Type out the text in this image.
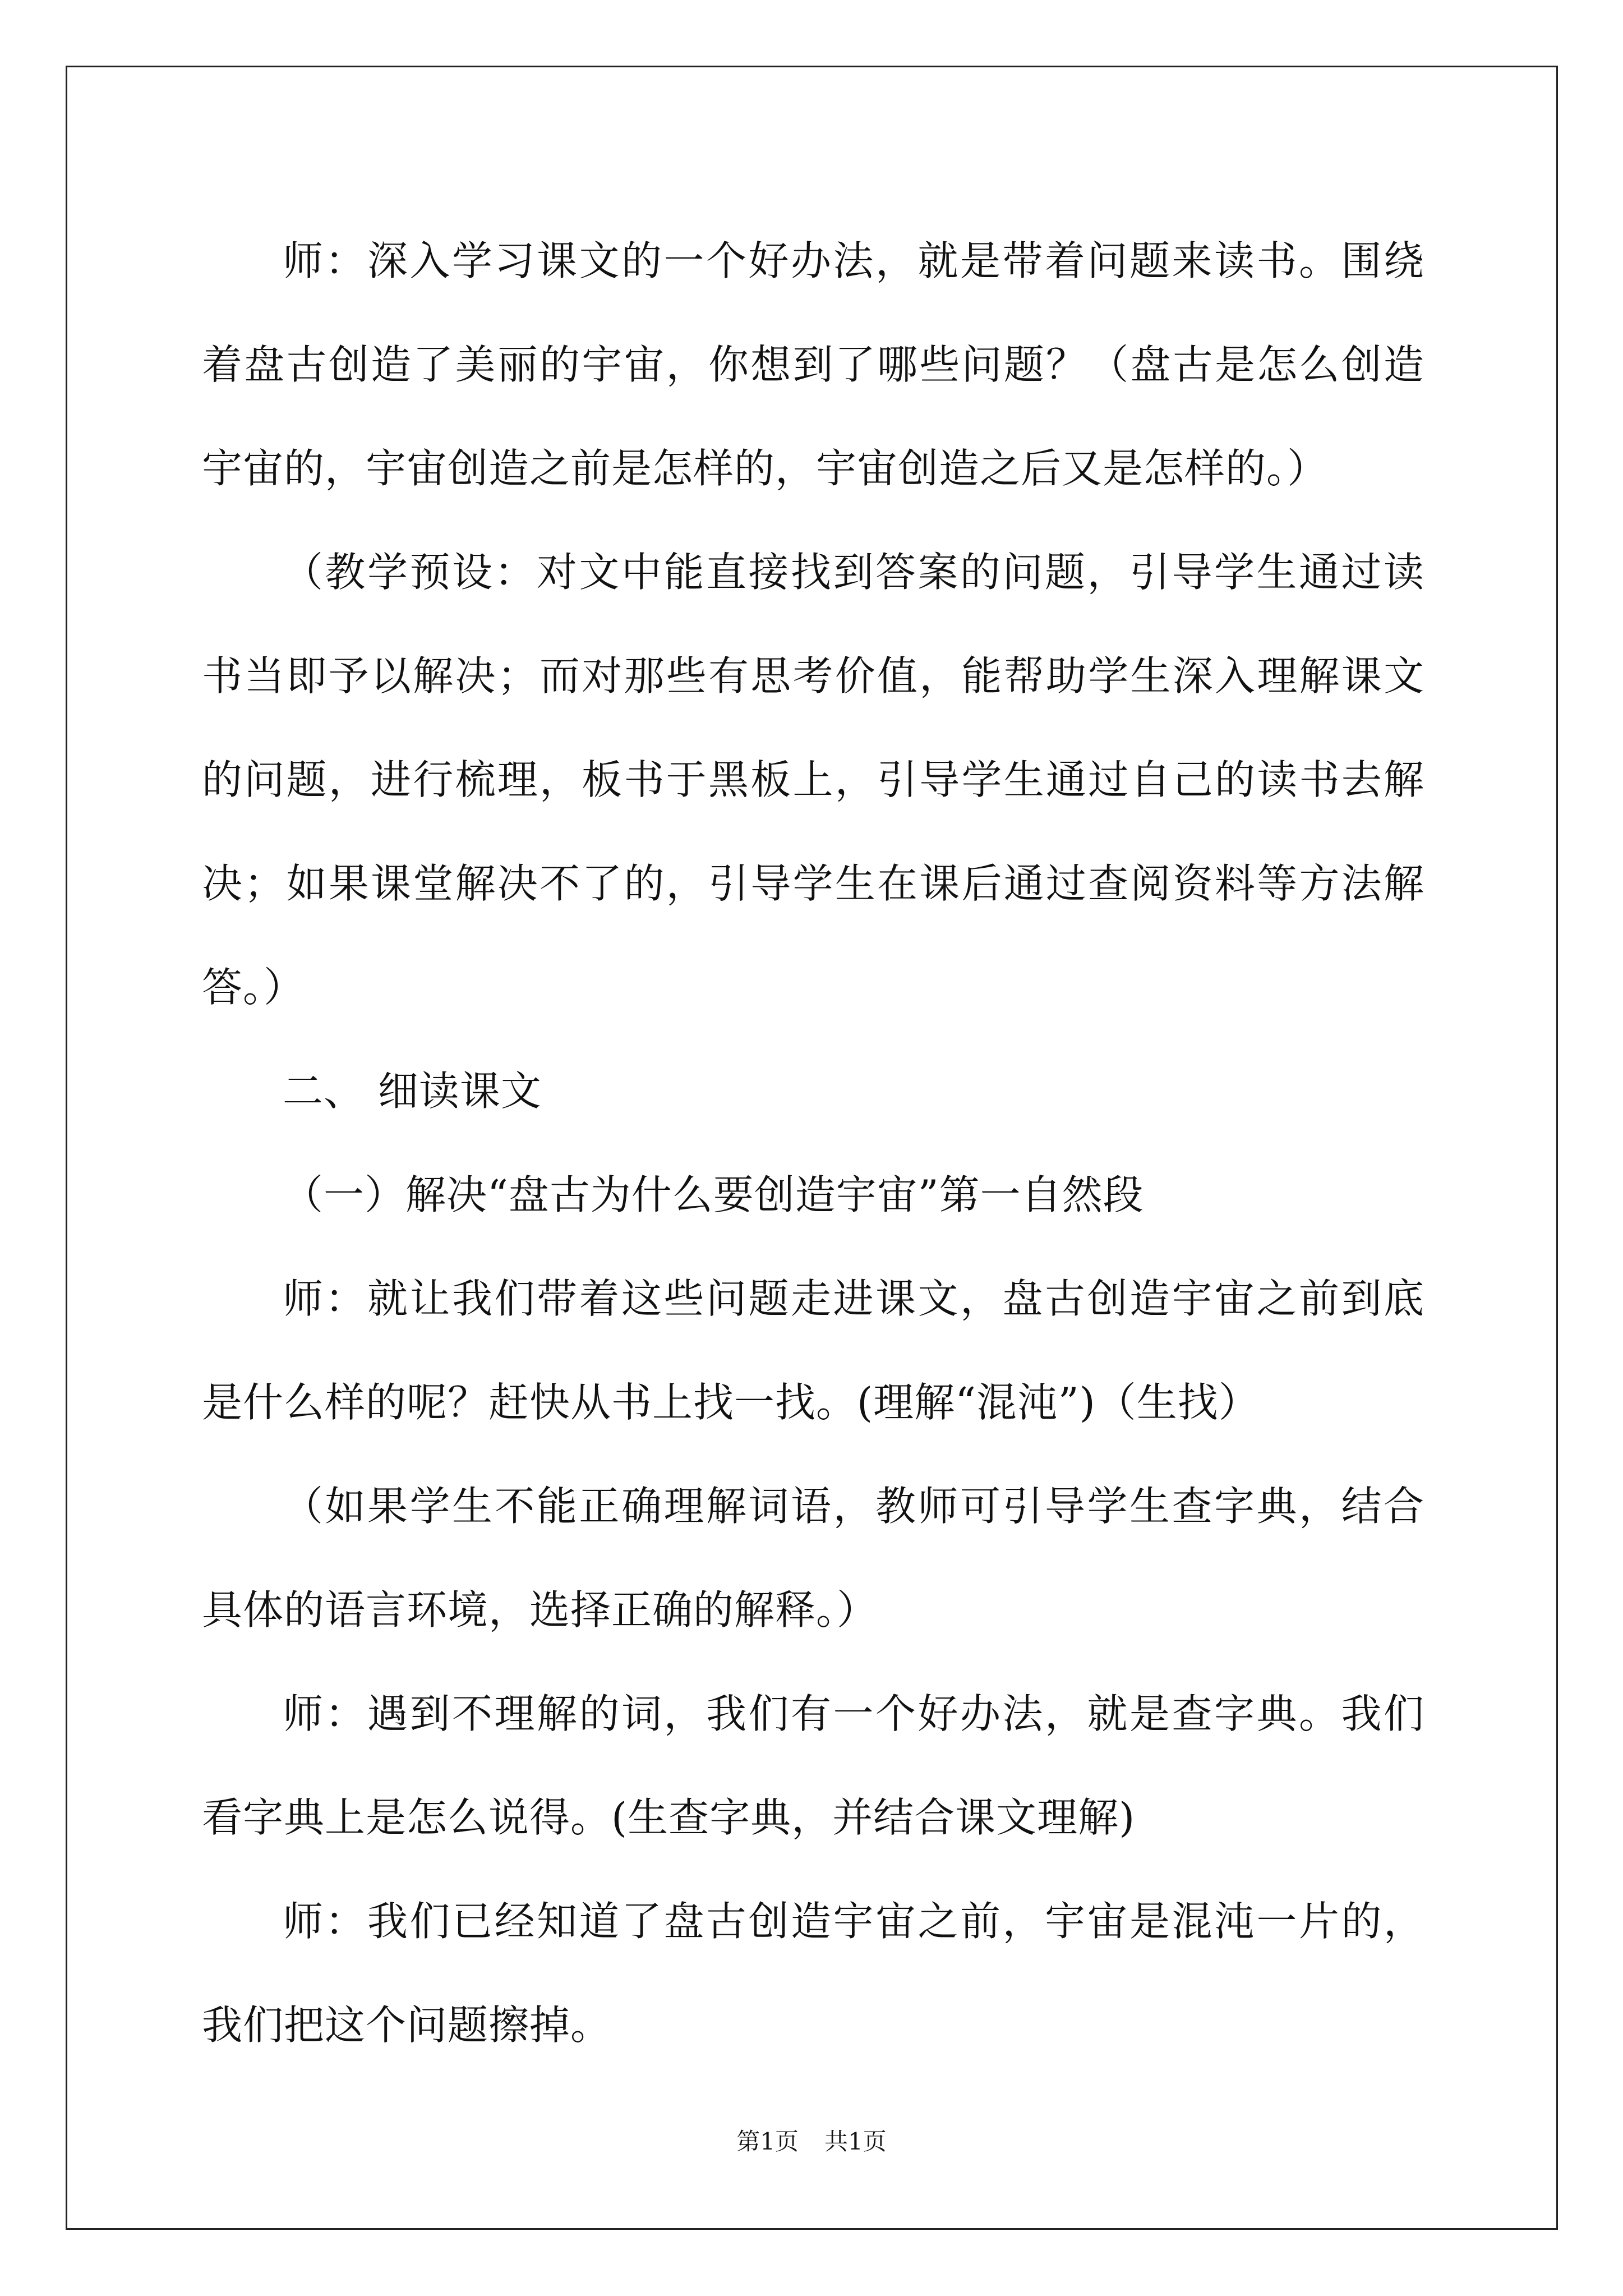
师：深入学习课文的一个好办法，就是带着问题来读书。围绕着盘古创造了美丽的宇宙，你想到了哪些问题？（盘古是怎么创造宇宙的，宇宙创造之前是怎样的，宇宙创造之后又是怎样的。）

（教学预设：对文中能直接找到答案的问题，引导学生通过读书当即予以解决；而对那些有思考价值，能帮助学生深入理解课文的问题，进行梳理，板书于黑板上，引导学生通过自己的读书去解决；如果课堂解决不了的，引导学生在课后通过查阅资料等方法解答。）

二、 细读课文

（一）解决“盘古为什么要创造宇宙”第一自然段

师：就让我们带着这些问题走进课文，盘古创造宇宙之前到底是什么样的呢？赶快从书上找一找。(理解“混沌”)（生找）

（如果学生不能正确理解词语，教师可引导学生查字典，结合具体的语言环境，选择正确的解释。）

师：遇到不理解的词，我们有一个好办法，就是查字典。我们看字典上是怎么说得。(生查字典，并结合课文理解)

师：我们已经知道了盘古创造宇宙之前，宇宙是混沌一片的，我们把这个问题擦掉。

第1页 共1页
